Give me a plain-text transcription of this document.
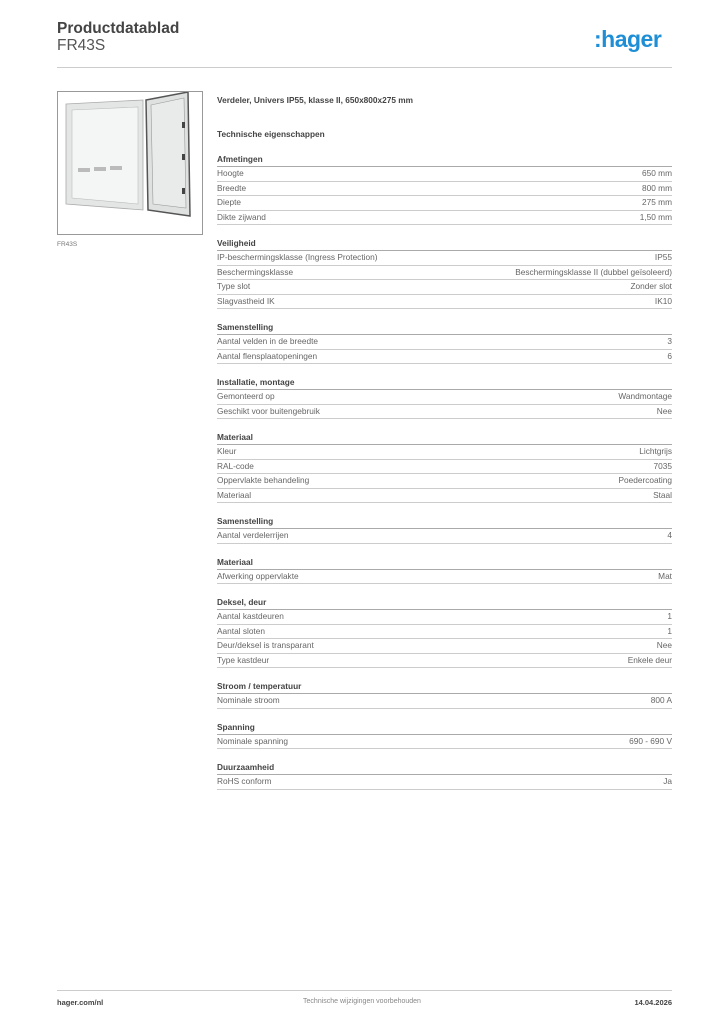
Productdatablad
FR43S	:hager
FR43S
Verdeler, Univers IP55, klasse II, 650x800x275 mm
Technische eigenschappen
Afmetingen
Hoogte	650 mm
Breedte	800 mm
Diepte	275 mm
Dikte zijwand	1,50 mm
Veiligheid
IP-beschermingsklasse (Ingress Protection)	IP55
Beschermingsklasse	Beschermingsklasse II (dubbel geïsoleerd)
Type slot	Zonder slot
Slagvastheid IK	IK10
Samenstelling
Aantal velden in de breedte	3
Aantal flensplaatopeningen	6
Installatie, montage
Gemonteerd op	Wandmontage
Geschikt voor buitengebruik	Nee
Materiaal
Kleur	Lichtgrijs
RAL-code	7035
Oppervlakte behandeling	Poedercoating
Materiaal	Staal
Samenstelling
Aantal verdelerrijen	4
Materiaal
Afwerking oppervlakte	Mat
Deksel, deur
Aantal kastdeuren	1
Aantal sloten	1
Deur/deksel is transparant	Nee
Type kastdeur	Enkele deur
Stroom / temperatuur
Nominale stroom	800 A
Spanning
Nominale spanning	690 - 690 V
Duurzaamheid
RoHS conform	Ja
hager.com/nl	Technische wijzigingen voorbehouden	14.04.2026
